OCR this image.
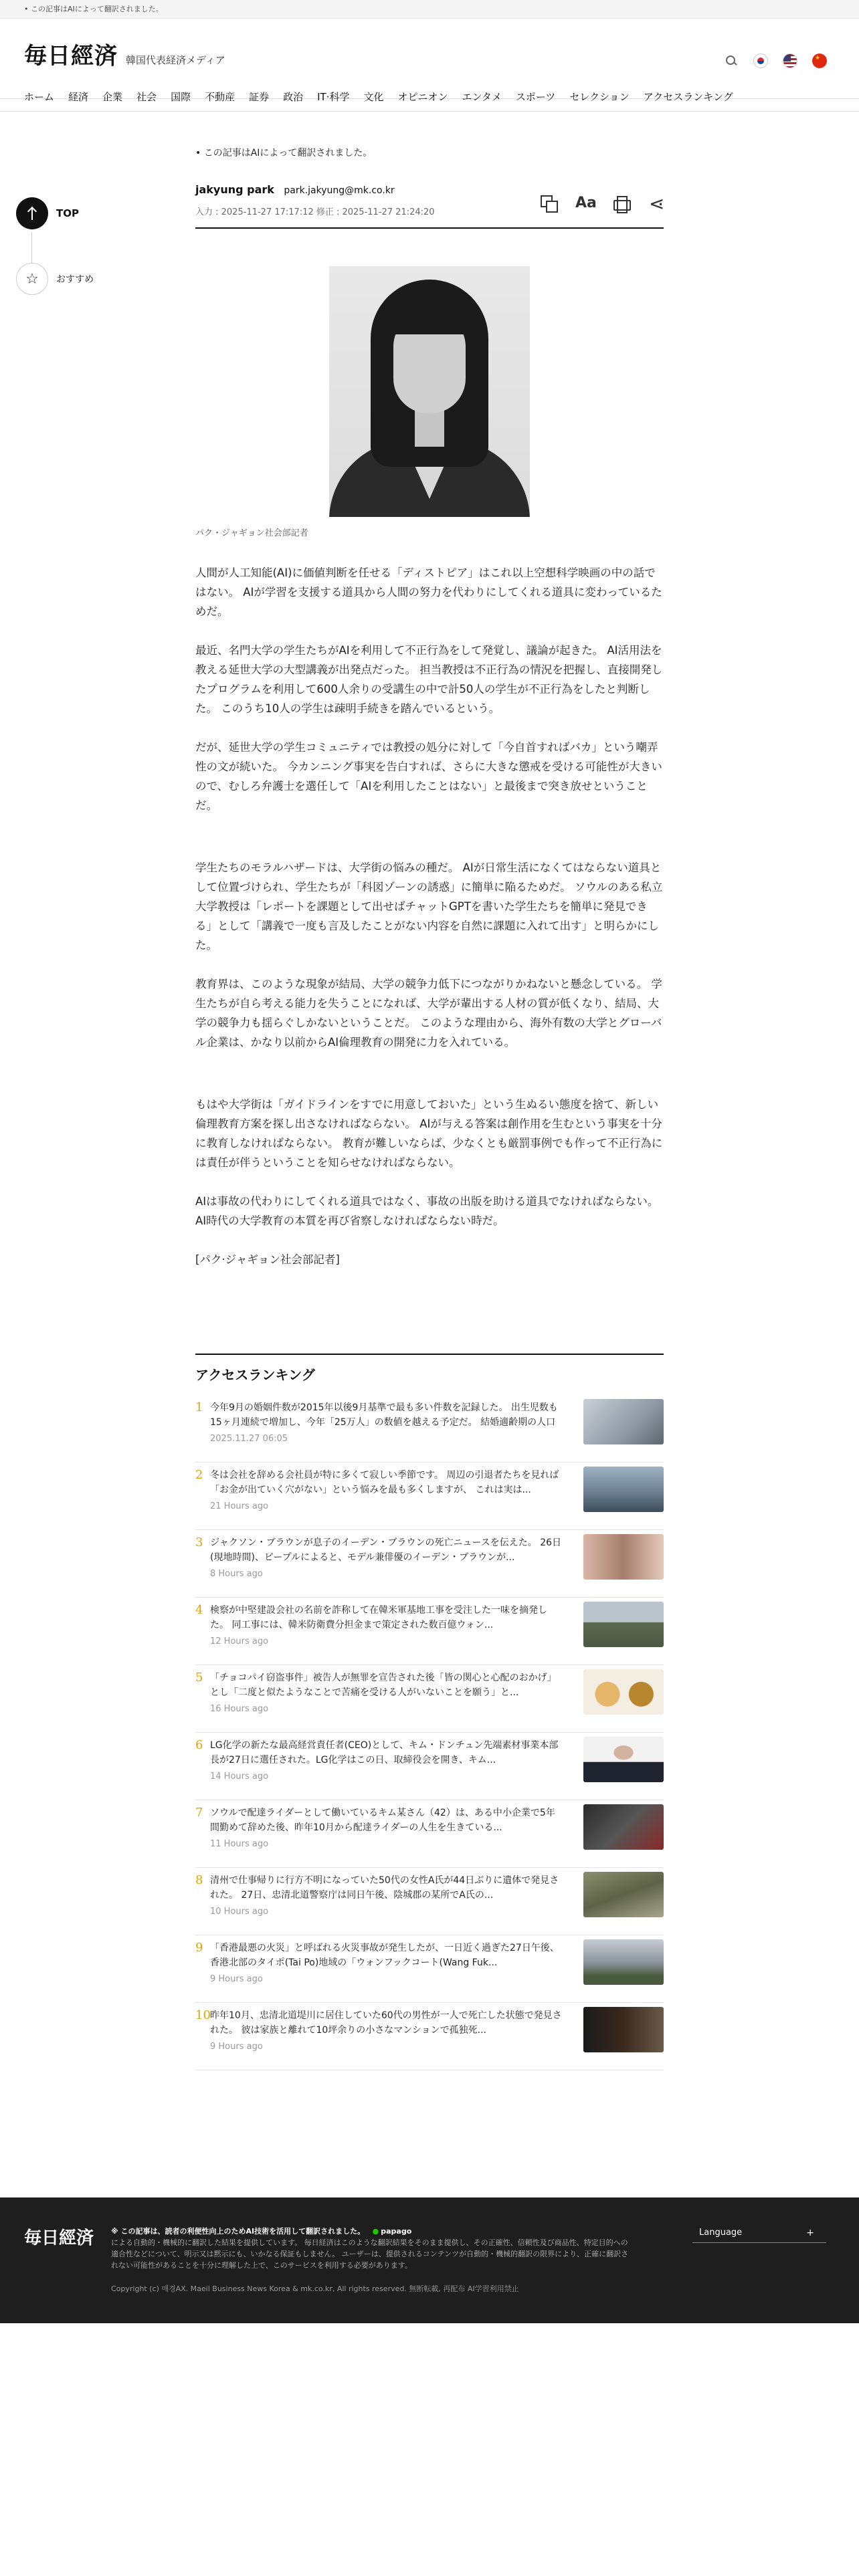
• この記事はAIによって翻訳されました。
毎日經済 韓国代表経済メディア
★
ホーム 経済 企業 社会 国際 不動産 証券 政治 IT·科学 文化 オピニオン エンタメ スポーツ セレクション アクセスランキング
TOP
☆	おすすめ
• この記事はAIによって翻訳されました。
jakyung park park.jakyung@mk.co.kr
入力 : 2025-11-27 17:17:12 修正 : 2025-11-27 21:24:20
Aa
⋖
パク・ジャギョン社会部記者

人間が人工知能(AI)に価値判断を任せる「ディストピア」はこれ以上空想科学映画の中の話ではない。 AIが学習を支援する道具から人間の努力を代わりにしてくれる道具に変わっているためだ。

最近、名門大学の学生たちがAIを利用して不正行為をして発覚し、議論が起きた。 AI活用法を教える延世大学の大型講義が出発点だった。 担当教授は不正行為の情況を把握し、直接開発したプログラムを利用して600人余りの受講生の中で計50人の学生が不正行為をしたと判断した。 このうち10人の学生は疎明手続きを踏んでいるという。

だが、延世大学の学生コミュニティでは教授の処分に対して「今自首すればバカ」という嘲弄性の文が続いた。 今カンニング事実を告白すれば、さらに大きな懲戒を受ける可能性が大きいので、むしろ弁護士を選任して「AIを利用したことはない」と最後まで突き放せということだ。

学生たちのモラルハザードは、大学街の悩みの種だ。 AIが日常生活になくてはならない道具として位置づけられ、学生たちが「科図ゾーンの誘惑」に簡単に陥るためだ。 ソウルのある私立大学教授は「レポートを課題として出せばチャットGPTを書いた学生たちを簡単に発見できる」として「講義で一度も言及したことがない内容を自然に課題に入れて出す」と明らかにした。

教育界は、このような現象が結局、大学の競争力低下につながりかねないと懸念している。 学生たちが自ら考える能力を失うことになれば、大学が輩出する人材の質が低くなり、結局、大学の競争力も揺らぐしかないということだ。 このような理由から、海外有数の大学とグローバル企業は、かなり以前からAI倫理教育の開発に力を入れている。

もはや大学街は「ガイドラインをすでに用意しておいた」という生ぬるい態度を捨て、新しい倫理教育方案を探し出さなければならない。 AIが与える答案は創作用を生むという事実を十分に教育しなければならない。 教育が難しいならば、少なくとも厳罰事例でも作って不正行為には責任が伴うということを知らせなければならない。

AIは事故の代わりにしてくれる道具ではなく、事故の出版を助ける道具でなければならない。 AI時代の大学教育の本質を再び省察しなければならない時だ。

[パク·ジャギョン社会部記者]

アクセスランキング
1 今年9月の婚姻件数が2015年以後9月基準で最も多い件数を記録した。 出生児数も15ヶ月連続で増加し、今年「25万人」の数値を越える予定だ。 結婚適齢期の人口
2025.11.27 06:05
2 冬は会社を辞める会社員が特に多くて寂しい季節です。 周辺の引退者たちを見れば「お金が出ていく穴がない」という悩みを最も多くしますが、 これは実は...
21 Hours ago
3 ジャクソン・ブラウンが息子のイーデン・ブラウンの死亡ニュースを伝えた。 26日(現地時間)、ピープルによると、モデル兼俳優のイーデン・ブラウンが...
8 Hours ago
4 検察が中堅建設会社の名前を詐称して在韓米軍基地工事を受注した一味を摘発した。 同工事には、韓米防衛費分担金まで策定された数百億ウォン...
12 Hours ago
5 「チョコパイ窃盗事件」被告人が無罪を宣告された後「皆の関心と心配のおかげ」とし「二度と似たようなことで苦痛を受ける人がいないことを願う」と...
16 Hours ago
6 LG化学の新たな最高経営責任者(CEO)として、キム・ドンチュン先端素材事業本部長が27日に選任された。LG化学はこの日、取締役会を開き、キム...
14 Hours ago
7 ソウルで配達ライダーとして働いているキム某さん（42）は、ある中小企業で5年間勤めて辞めた後、昨年10月から配達ライダーの人生を生きている...
11 Hours ago
8 清州で仕事帰りに行方不明になっていた50代の女性A氏が44日ぶりに遺体で発見された。 27日、忠清北道警察庁は同日午後、陰城郡の某所でA氏の...
10 Hours ago
9 「香港最悪の火災」と呼ばれる火災事故が発生したが、一日近く過ぎた27日午後、香港北部のタイポ(Tai Po)地域の「ウォンフックコート(Wang Fuk...
9 Hours ago
10 昨年10月、忠清北道堤川に居住していた60代の男性が一人で死亡した状態で発見された。 彼は家族と離れて10坪余りの小さなマンションで孤独死...
9 Hours ago
毎日經済 ※ この記事は、読者の利便性向上のためAI技術を活用して翻訳されました。 ● papago
による自動的・機械的に翻訳した結果を提供しています。 毎日経済はこのような翻訳結果をそのまま提供し、その正確性、信頼性及び商品性、特定目的への適合性などについて、明示又は黙示にも、いかなる保証もしません。 ユーザーは、提供されるコンテンツが自動的・機械的翻訳の限界により、正確に翻訳されない可能性があることを十分に理解した上で、このサービスを利用する必要があります。
Copyright (c) 매경AX. Maeil Business News Korea & mk.co.kr, All rights reserved. 無断転載, 再配布 AI学習利用禁止
Language	+
